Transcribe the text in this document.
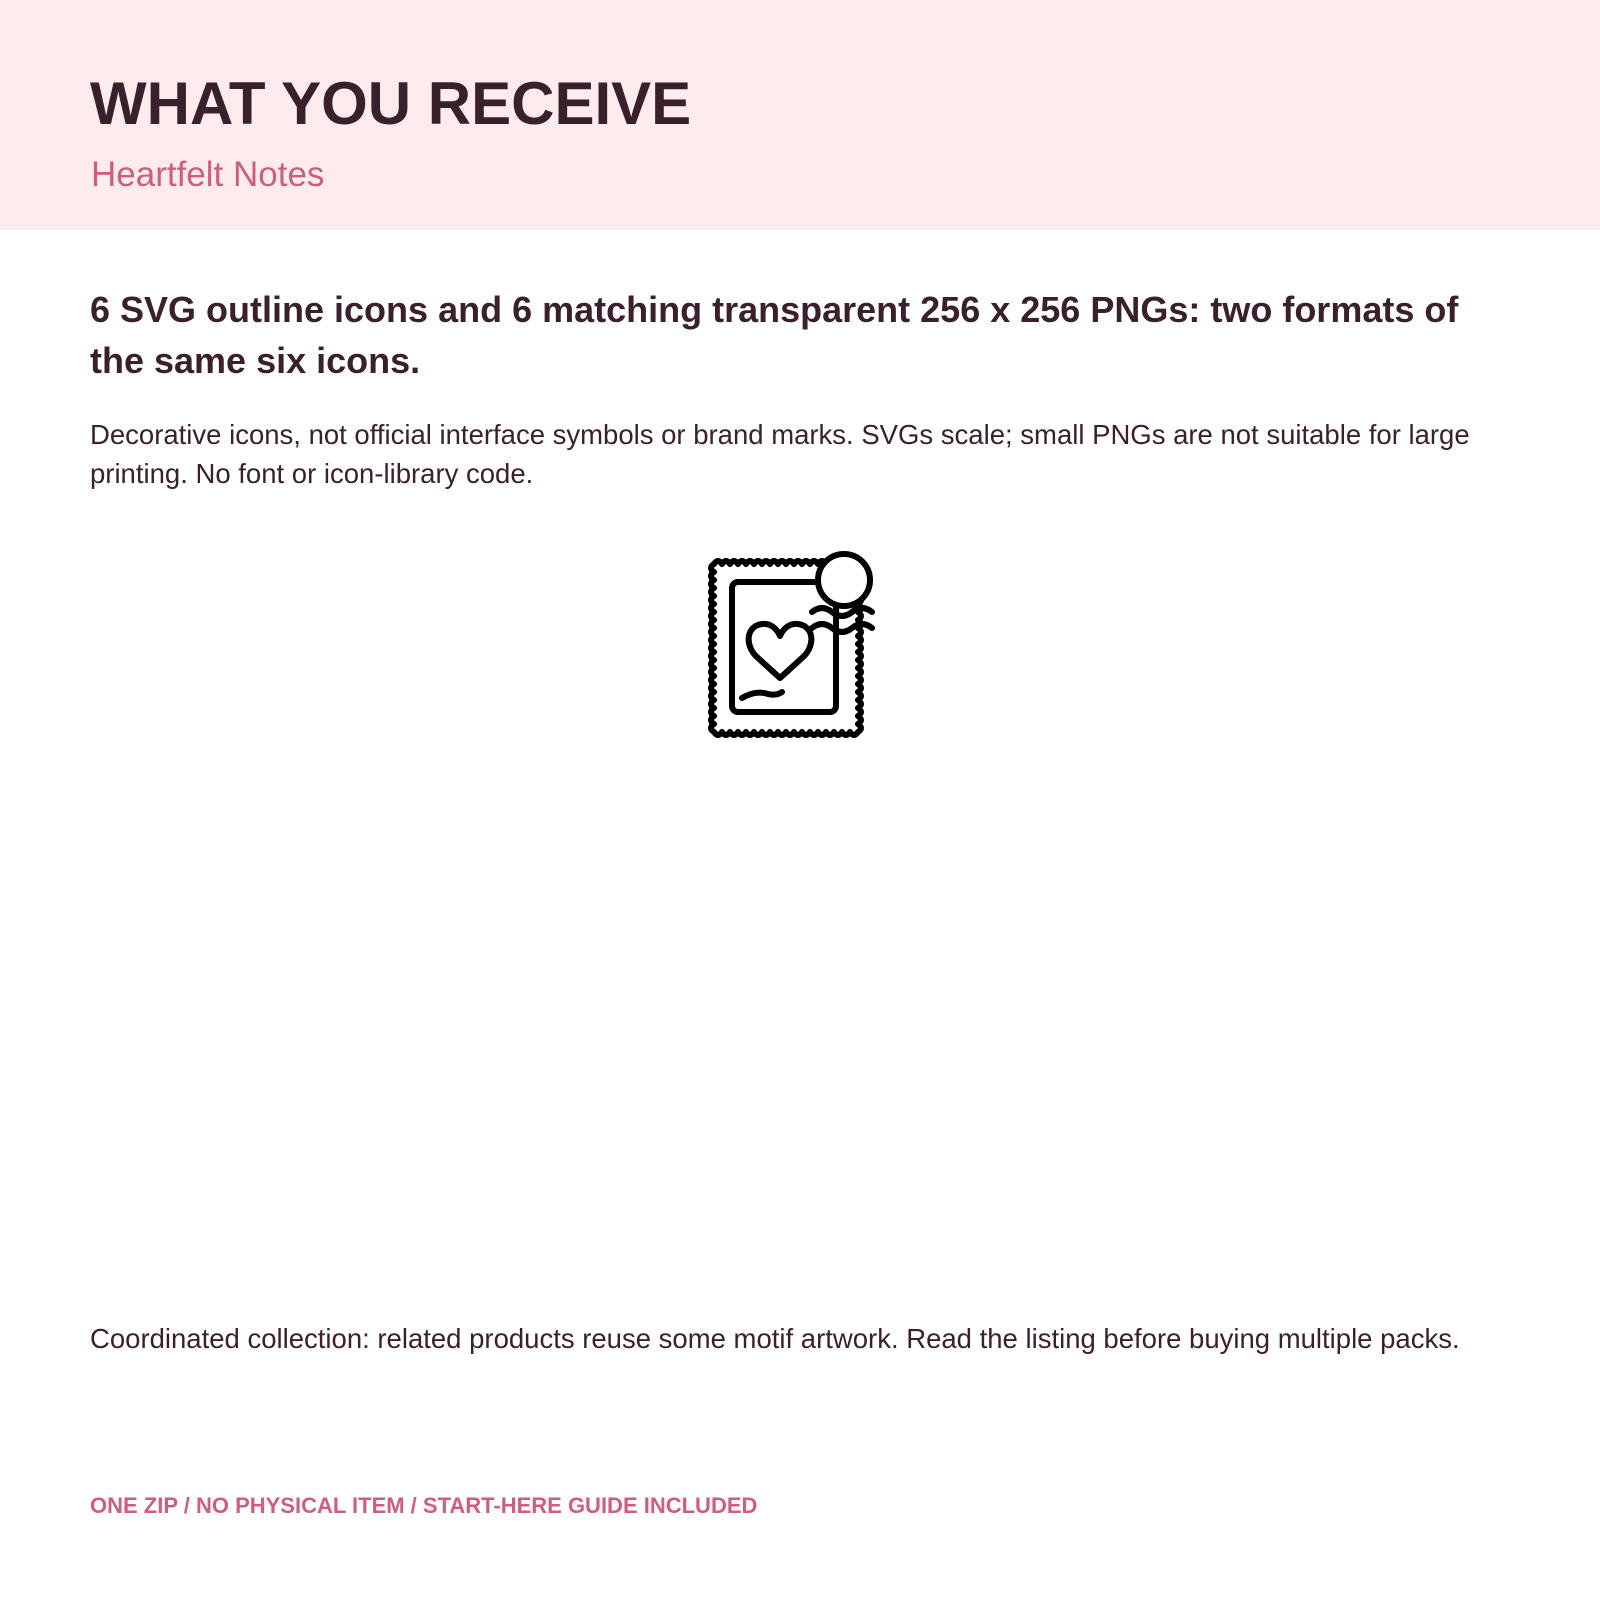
WHAT YOU RECEIVE

Heartfelt Notes

6 SVG outline icons and 6 matching transparent 256 x 256 PNGs: two formats of the same six icons.

Decorative icons, not official interface symbols or brand marks. SVGs scale; small PNGs are not suitable for large printing. No font or icon-library code.

Coordinated collection: related products reuse some motif artwork. Read the listing before buying multiple packs.

ONE ZIP / NO PHYSICAL ITEM / START-HERE GUIDE INCLUDED
